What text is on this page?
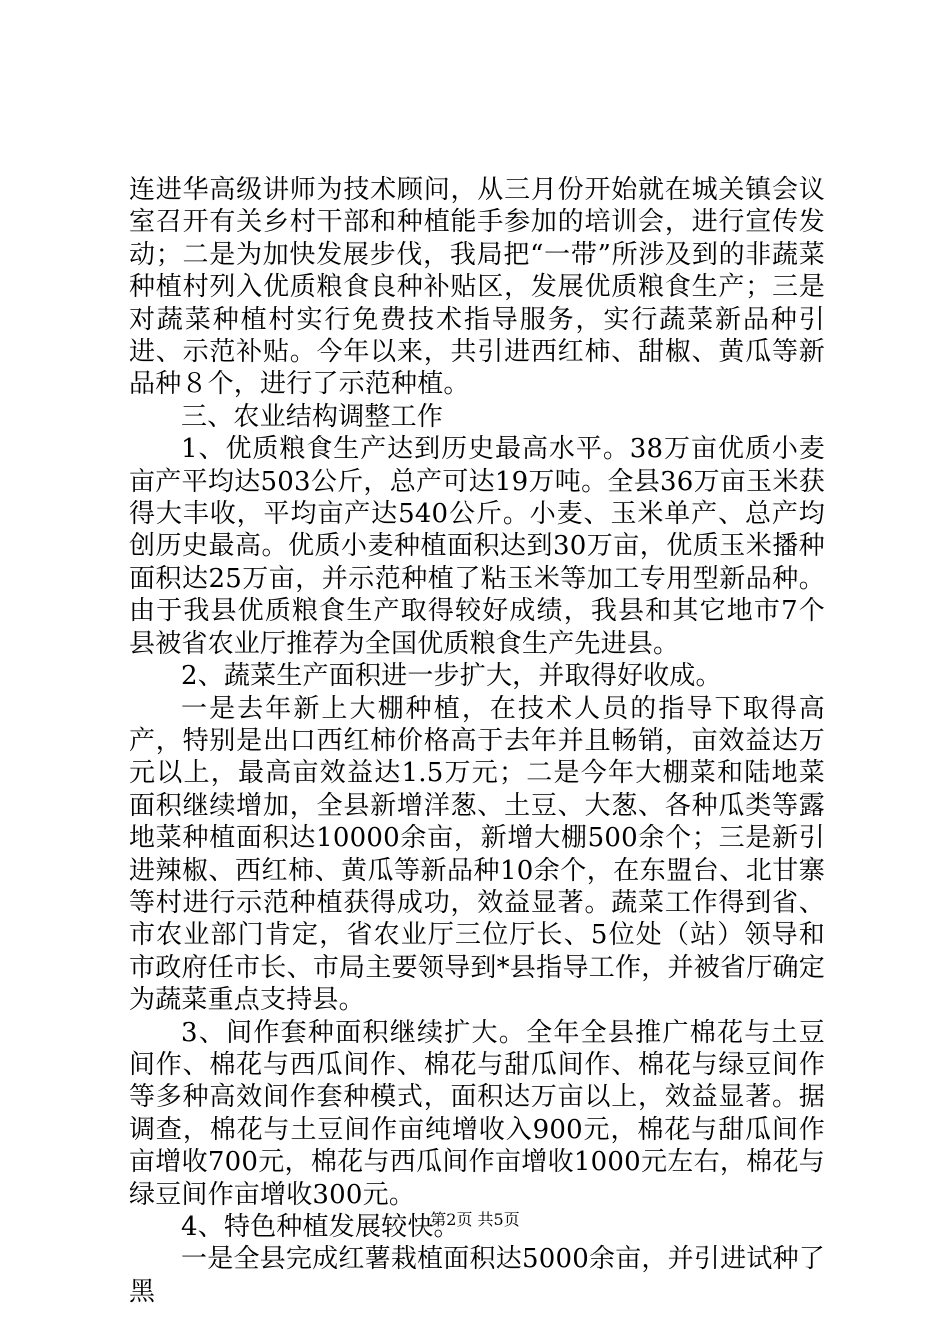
连进华高级讲师为技术顾问，从三月份开始就在城关镇会议室召开有关乡村干部和种植能手参加的培训会，进行宣传发动；二是为加快发展步伐，我局把“一带”所涉及到的非蔬菜种植村列入优质粮食良种补贴区，发展优质粮食生产；三是对蔬菜种植村实行免费技术指导服务，实行蔬菜新品种引进、示范补贴。今年以来，共引进西红柿、甜椒、黄瓜等新品种８个，进行了示范种植。

三、农业结构调整工作

1、优质粮食生产达到历史最高水平。38万亩优质小麦亩产平均达503公斤，总产可达19万吨。全县36万亩玉米获得大丰收，平均亩产达540公斤。小麦、玉米单产、总产均创历史最高。优质小麦种植面积达到30万亩，优质玉米播种面积达25万亩，并示范种植了粘玉米等加工专用型新品种。由于我县优质粮食生产取得较好成绩，我县和其它地市7个县被省农业厅推荐为全国优质粮食生产先进县。

2、蔬菜生产面积进一步扩大，并取得好收成。

一是去年新上大棚种植，在技术人员的指导下取得高产，特别是出口西红柿价格高于去年并且畅销，亩效益达万元以上，最高亩效益达1.5万元；二是今年大棚菜和陆地菜面积继续增加，全县新增洋葱、土豆、大葱、各种瓜类等露地菜种植面积达10000余亩，新增大棚500余个；三是新引进辣椒、西红柿、黄瓜等新品种10余个，在东盟台、北甘寨等村进行示范种植获得成功，效益显著。蔬菜工作得到省、市农业部门肯定，省农业厅三位厅长、5位处（站）领导和市政府任市长、市局主要领导到*县指导工作，并被省厅确定为蔬菜重点支持县。

3、间作套种面积继续扩大。全年全县推广棉花与土豆间作、棉花与西瓜间作、棉花与甜瓜间作、棉花与绿豆间作等多种高效间作套种模式，面积达万亩以上，效益显著。据调查，棉花与土豆间作亩纯增收入900元，棉花与甜瓜间作亩增收700元，棉花与西瓜间作亩增收1000元左右，棉花与绿豆间作亩增收300元。

4、特色种植发展较快。

一是全县完成红薯栽植面积达5000余亩，并引进试种了黑

第2页 共5页
